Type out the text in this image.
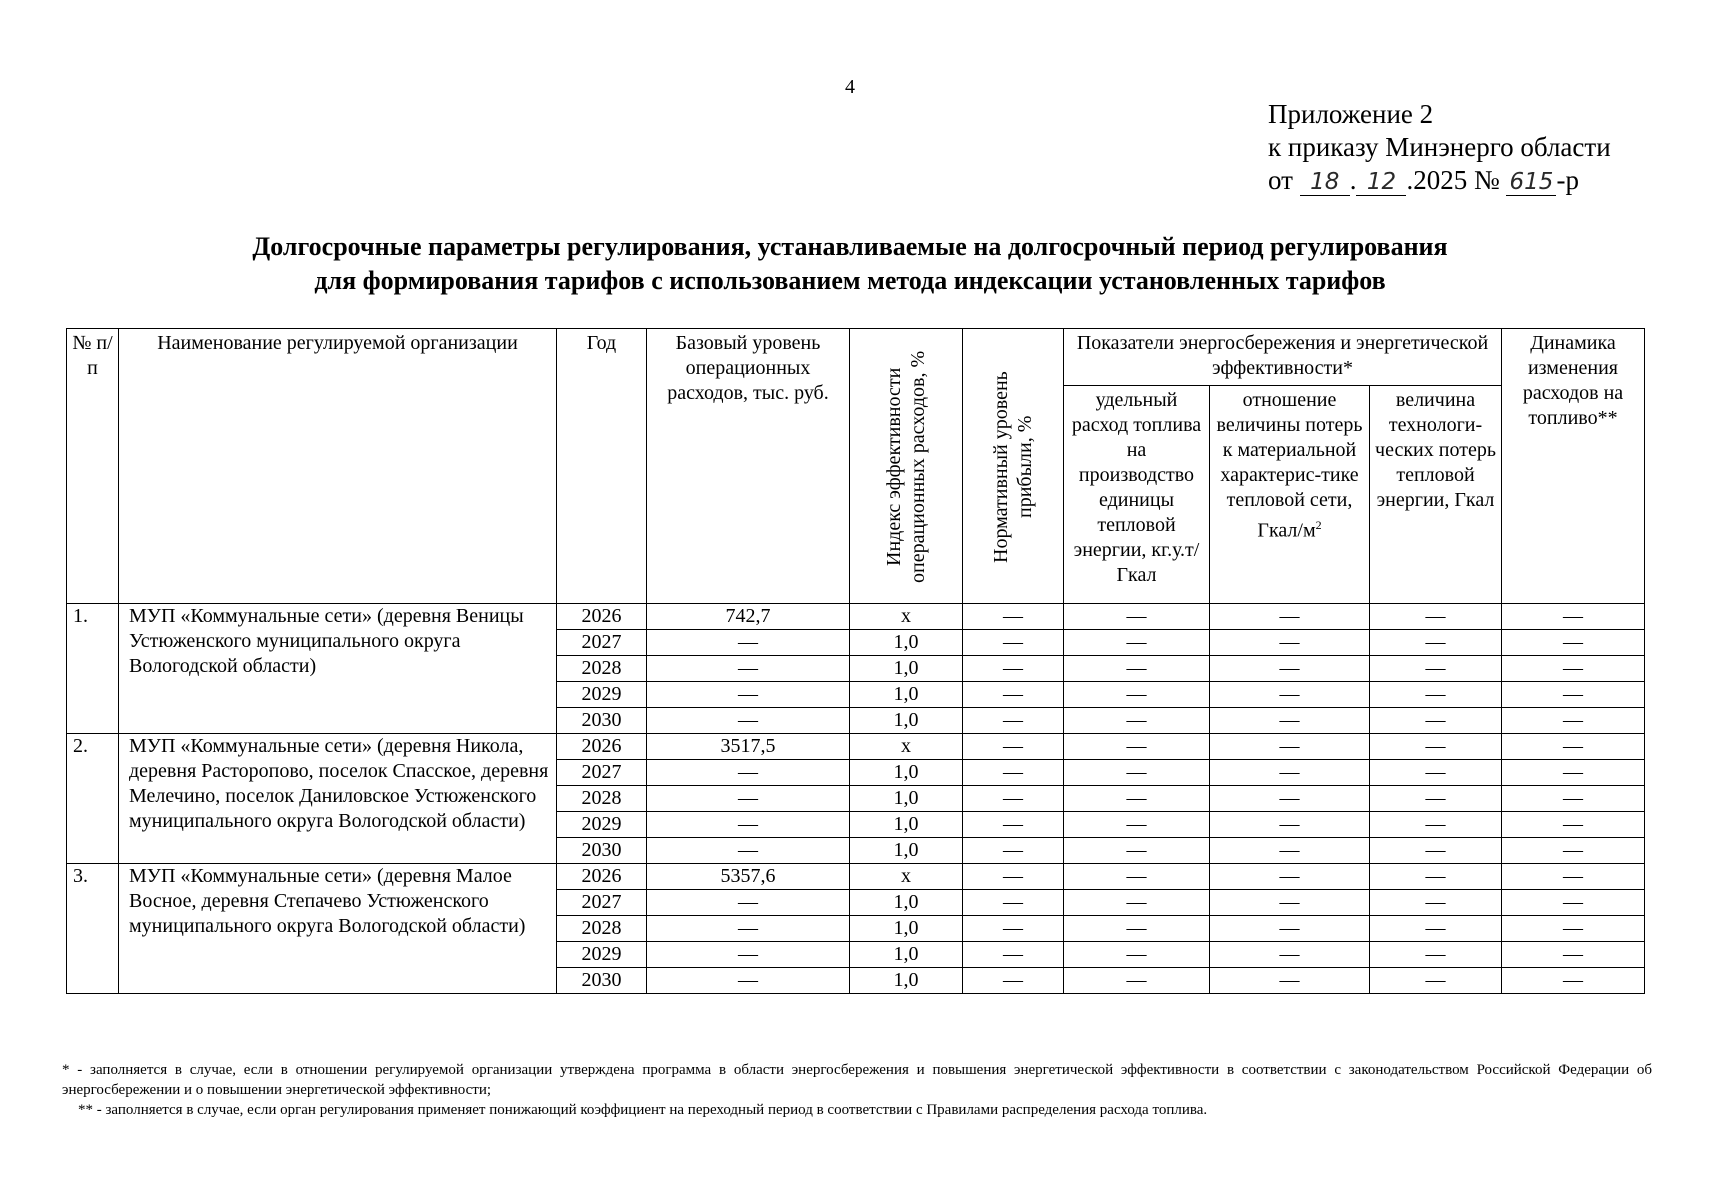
4
Приложение 2
к приказу Минэнерго области
от 18 . 12 .2025 № 615 -р
Долгосрочные параметры регулирования, устанавливаемые на долгосрочный период регулирования
для формирования тарифов с использованием метода индексации установленных тарифов
№ п/п	Наименование регулируемой организации	Год	Базовый уровень операционных расходов, тыс. руб.	Индекс эффективности операционных расходов, %	Нормативный уровень прибыли, %	Показатели энергосбережения и энергетической эффективности*			Динамика изменения расходов на топливо**
						удельный расход топлива на производство единицы тепловой энергии, кг.у.т/Гкал	отношение величины потерь к материальной характерис-тике тепловой сети, Гкал/$м^2$	величина технологи-ческих потерь тепловой энергии, Гкал	
1.	МУП «Коммунальные сети» (деревня Веницы Устюженского муниципального округа Вологодской области)	2026	742,7	х	—	—	—	—	—
		2027	—	1,0	—	—	—	—	—
		2028	—	1,0	—	—	—	—	—
		2029	—	1,0	—	—	—	—	—
		2030	—	1,0	—	—	—	—	—
2.	МУП «Коммунальные сети» (деревня Никола, деревня Расторопово, поселок Спасское, деревня Мелечино, поселок Даниловское Устюженского муниципального округа Вологодской области)	2026	3517,5	х	—	—	—	—	—
		2027	—	1,0	—	—	—	—	—
		2028	—	1,0	—	—	—	—	—
		2029	—	1,0	—	—	—	—	—
		2030	—	1,0	—	—	—	—	—
3.	МУП «Коммунальные сети» (деревня Малое Восное, деревня Степачево Устюженского муниципального округа Вологодской области)	2026	5357,6	х	—	—	—	—	—
		2027	—	1,0	—	—	—	—	—
		2028	—	1,0	—	—	—	—	—
		2029	—	1,0	—	—	—	—	—
		2030	—	1,0	—	—	—	—	—

* - заполняется в случае, если в отношении регулируемой организации утверждена программа в области энергосбережения и повышения энергетической эффективности в соответствии с законодательством Российской Федерации об энергосбережении и о повышении энергетической эффективности;

** - заполняется в случае, если орган регулирования применяет понижающий коэффициент на переходный период в соответствии с Правилами распределения расхода топлива.
